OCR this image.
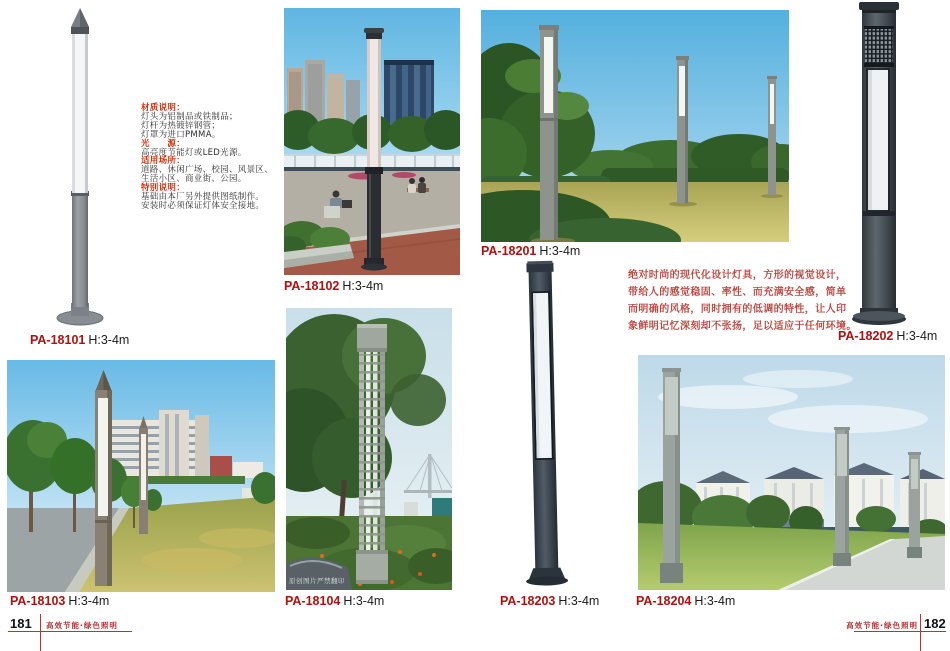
材质说明：
灯头为铝制品或铁制品；
灯杆为热镀锌钢管；
灯罩为进口PMMA。
光　　源：
高亮度节能灯或LED光源。
适用场所：
道路、休闲广场、校园、风景区、
生活小区、商业街、公园。
特别说明：
基础由本厂另外提供图纸制作。
安装时必须保证灯体安全接地。
绝对时尚的现代化设计灯具，方形的视觉设计，
带给人的感觉稳固、率性、而充满安全感，简单
而明确的风格，同时拥有的低调的特性，让人印
象鲜明记忆深刻却不张扬，足以适应于任何环境。
原创图片严禁翻印
PA-18101 H:3-4m
PA-18102 H:3-4m
PA-18201 H:3-4m
PA-18202 H:3-4m
PA-18103 H:3-4m	PA-18104 H:3-4m	PA-18203 H:3-4m	PA-18204 H:3-4m
181 高效节能·绿色照明	高效节能·绿色照明 182
